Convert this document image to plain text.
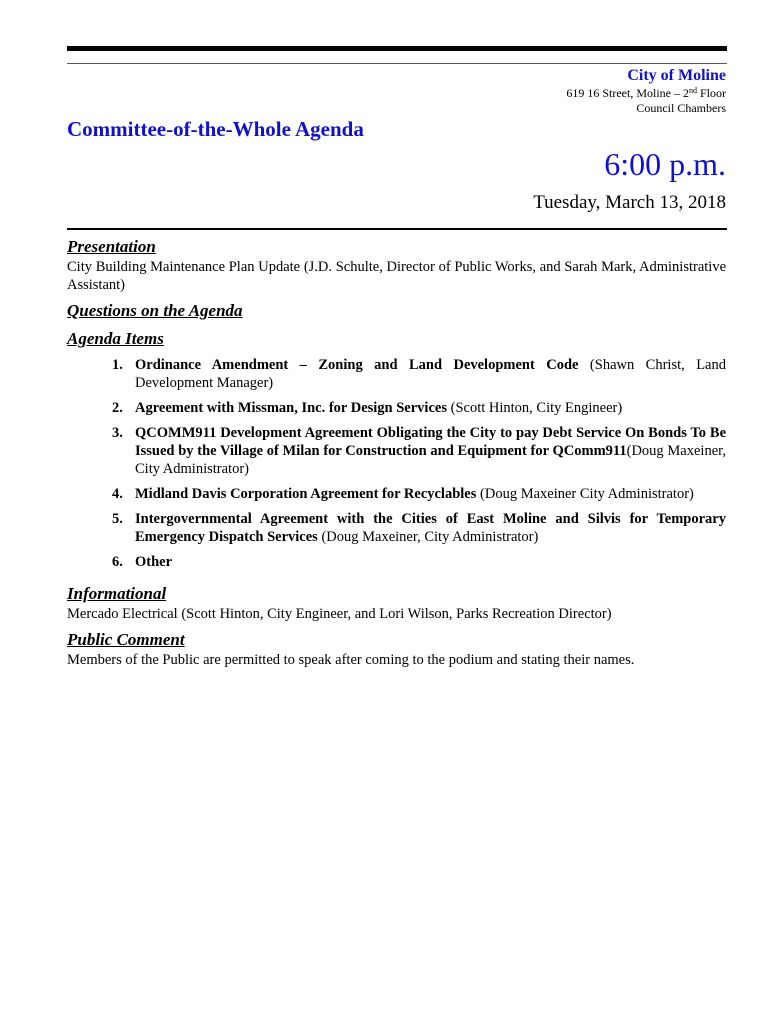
City of Moline
619 16 Street, Moline – 2nd Floor
Council Chambers
Committee-of-the-Whole Agenda
6:00 p.m.
Tuesday, March 13, 2018
Presentation
City Building Maintenance Plan Update (J.D. Schulte, Director of Public Works, and Sarah Mark, Administrative Assistant)
Questions on the Agenda
Agenda Items
1. Ordinance Amendment – Zoning and Land Development Code (Shawn Christ, Land Development Manager)
2. Agreement with Missman, Inc. for Design Services (Scott Hinton, City Engineer)
3. QCOMM911 Development Agreement Obligating the City to pay Debt Service On Bonds To Be Issued by the Village of Milan for Construction and Equipment for QComm911(Doug Maxeiner, City Administrator)
4. Midland Davis Corporation Agreement for Recyclables (Doug Maxeiner City Administrator)
5. Intergovernmental Agreement with the Cities of East Moline and Silvis for Temporary Emergency Dispatch Services (Doug Maxeiner, City Administrator)
6. Other
Informational
Mercado Electrical (Scott Hinton, City Engineer, and Lori Wilson, Parks Recreation Director)
Public Comment
Members of the Public are permitted to speak after coming to the podium and stating their names.
